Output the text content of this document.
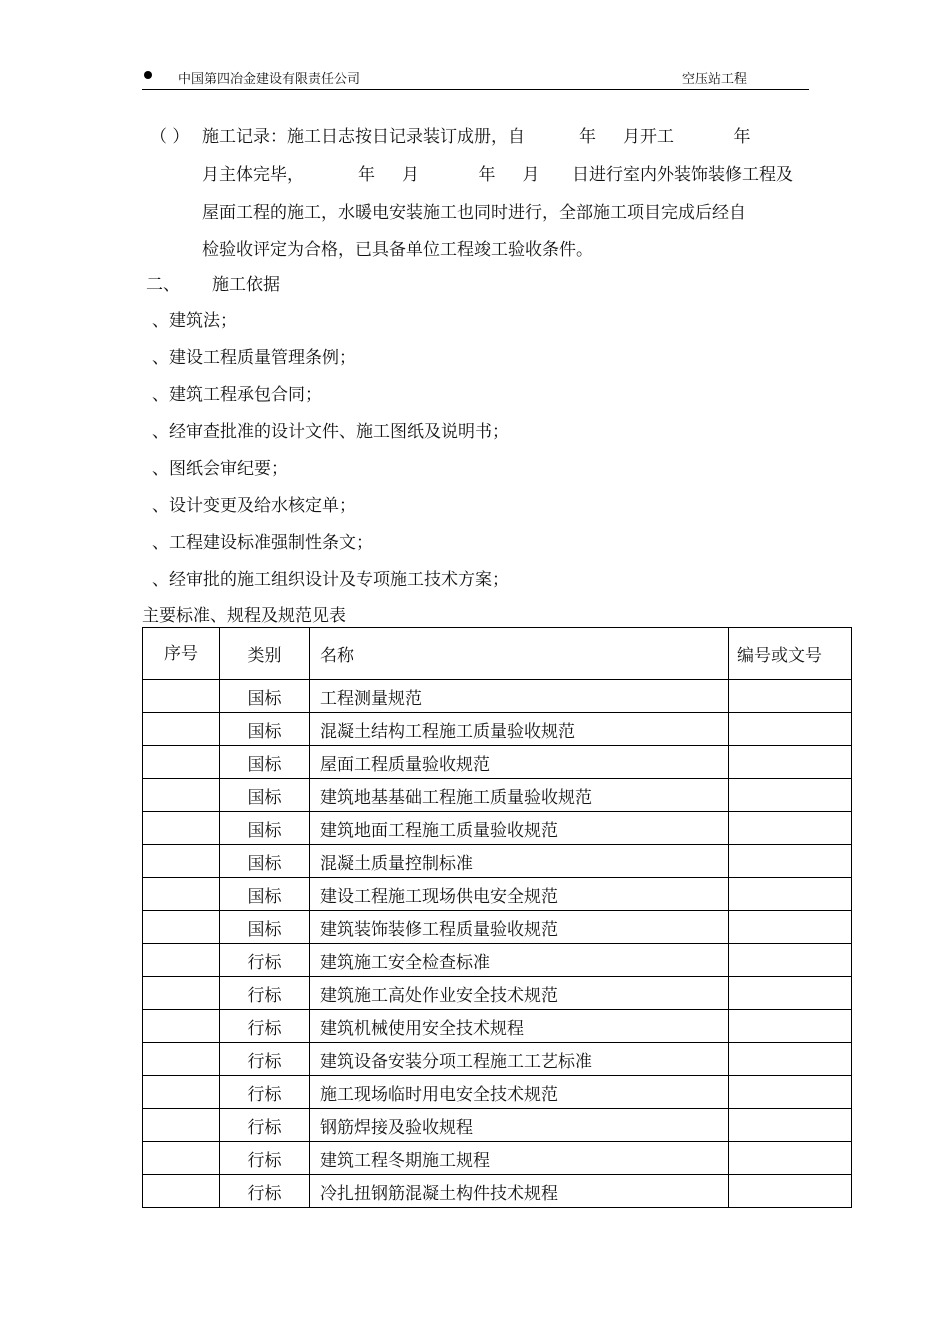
中国第四冶金建设有限责任公司	空压站工程
（ ） 施工记录：施工日志按日记录装订成册，自          年     月开工           年
月主体完毕，          年     月           年     月      日进行室内外装饰装修工程及
屋面工程的施工，水暖电安装施工也同时进行，全部施工项目完成后经自
检验收评定为合格，已具备单位工程竣工验收条件。
二、 施工依据
、建筑法；
、建设工程质量管理条例；
、建筑工程承包合同；
、经审查批准的设计文件、施工图纸及说明书；
、图纸会审纪要；
、设计变更及给水核定单；
、工程建设标准强制性条文；
、经审批的施工组织设计及专项施工技术方案；
主要标准、规程及规范见表
序号	类别	名称	编号或文号
	国标	工程测量规范	
	国标	混凝土结构工程施工质量验收规范	
	国标	屋面工程质量验收规范	
	国标	建筑地基基础工程施工质量验收规范	
	国标	建筑地面工程施工质量验收规范	
	国标	混凝土质量控制标准	
	国标	建设工程施工现场供电安全规范	
	国标	建筑装饰装修工程质量验收规范	
	行标	建筑施工安全检查标准	
	行标	建筑施工高处作业安全技术规范	
	行标	建筑机械使用安全技术规程	
	行标	建筑设备安装分项工程施工工艺标准	
	行标	施工现场临时用电安全技术规范	
	行标	钢筋焊接及验收规程	
	行标	建筑工程冬期施工规程	
	行标	冷扎扭钢筋混凝土构件技术规程	
